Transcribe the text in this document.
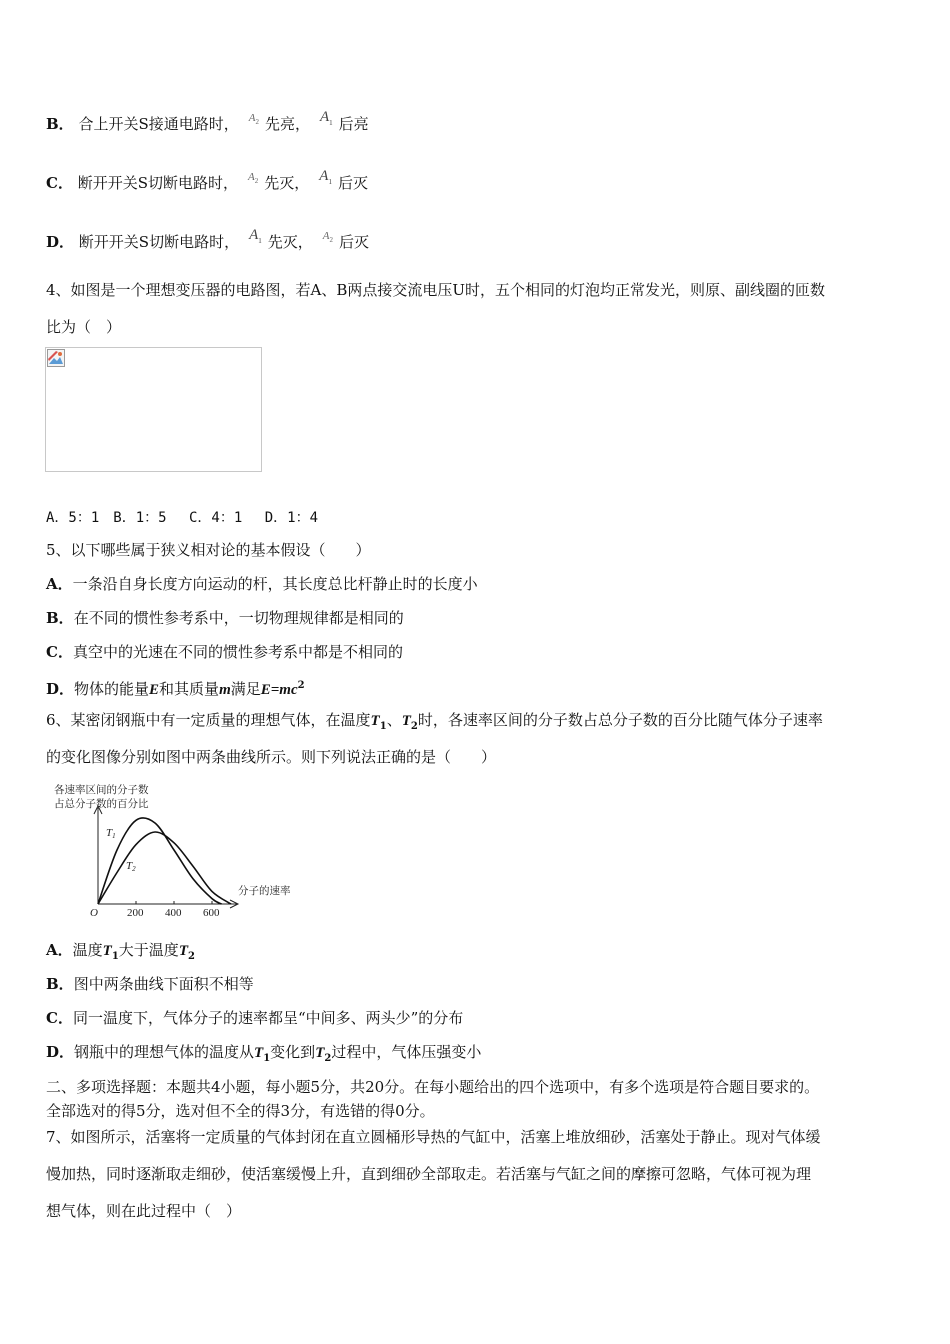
B． 合上开关S接通电路时， $A_2$ 先亮， $A_1$ 后亮
C． 断开开关S切断电路时， $A_2$ 先灭， $A_1$ 后灭
D． 断开开关S切断电路时， $A_1$ 先灭， $A_2$ 后灭
4、如图是一个理想变压器的电路图，若A、B两点接交流电压U时，五个相同的灯泡均正常发光，则原、副线圈的匝数
比为（　）
A．5：1　B．1：5　 C．4：1　 D．1：4
5、以下哪些属于狭义相对论的基本假设（　　）
A．一条沿自身长度方向运动的杆，其长度总比杆静止时的长度小
B．在不同的惯性参考系中，一切物理规律都是相同的
C．真空中的光速在不同的惯性参考系中都是不相同的
D．物体的能量E和其质量m满足$E=mc^2$
6、某密闭钢瓶中有一定质量的理想气体，在温度$T_1$、$T_2$时，各速率区间的分子数占总分子数的百分比随气体分子速率
的变化图像分别如图中两条曲线所示。则下列说法正确的是（　　）
各速率区间的分子数
占总分子数的百分比
分子的速率
O	200 400 600
T1
T2
A．温度$T_1$大于温度$T_2$
B．图中两条曲线下面积不相等
C．同一温度下，气体分子的速率都呈“中间多、两头少”的分布
D．钢瓶中的理想气体的温度从$T_1$变化到$T_2$过程中，气体压强变小
二、多项选择题：本题共4小题，每小题5分，共20分。在每小题给出的四个选项中，有多个选项是符合题目要求的。
全部选对的得5分，选对但不全的得3分，有选错的得0分。
7、如图所示，活塞将一定质量的气体封闭在直立圆桶形导热的气缸中，活塞上堆放细砂，活塞处于静止。现对气体缓
慢加热，同时逐渐取走细砂，使活塞缓慢上升，直到细砂全部取走。若活塞与气缸之间的摩擦可忽略，气体可视为理
想气体，则在此过程中（　）
